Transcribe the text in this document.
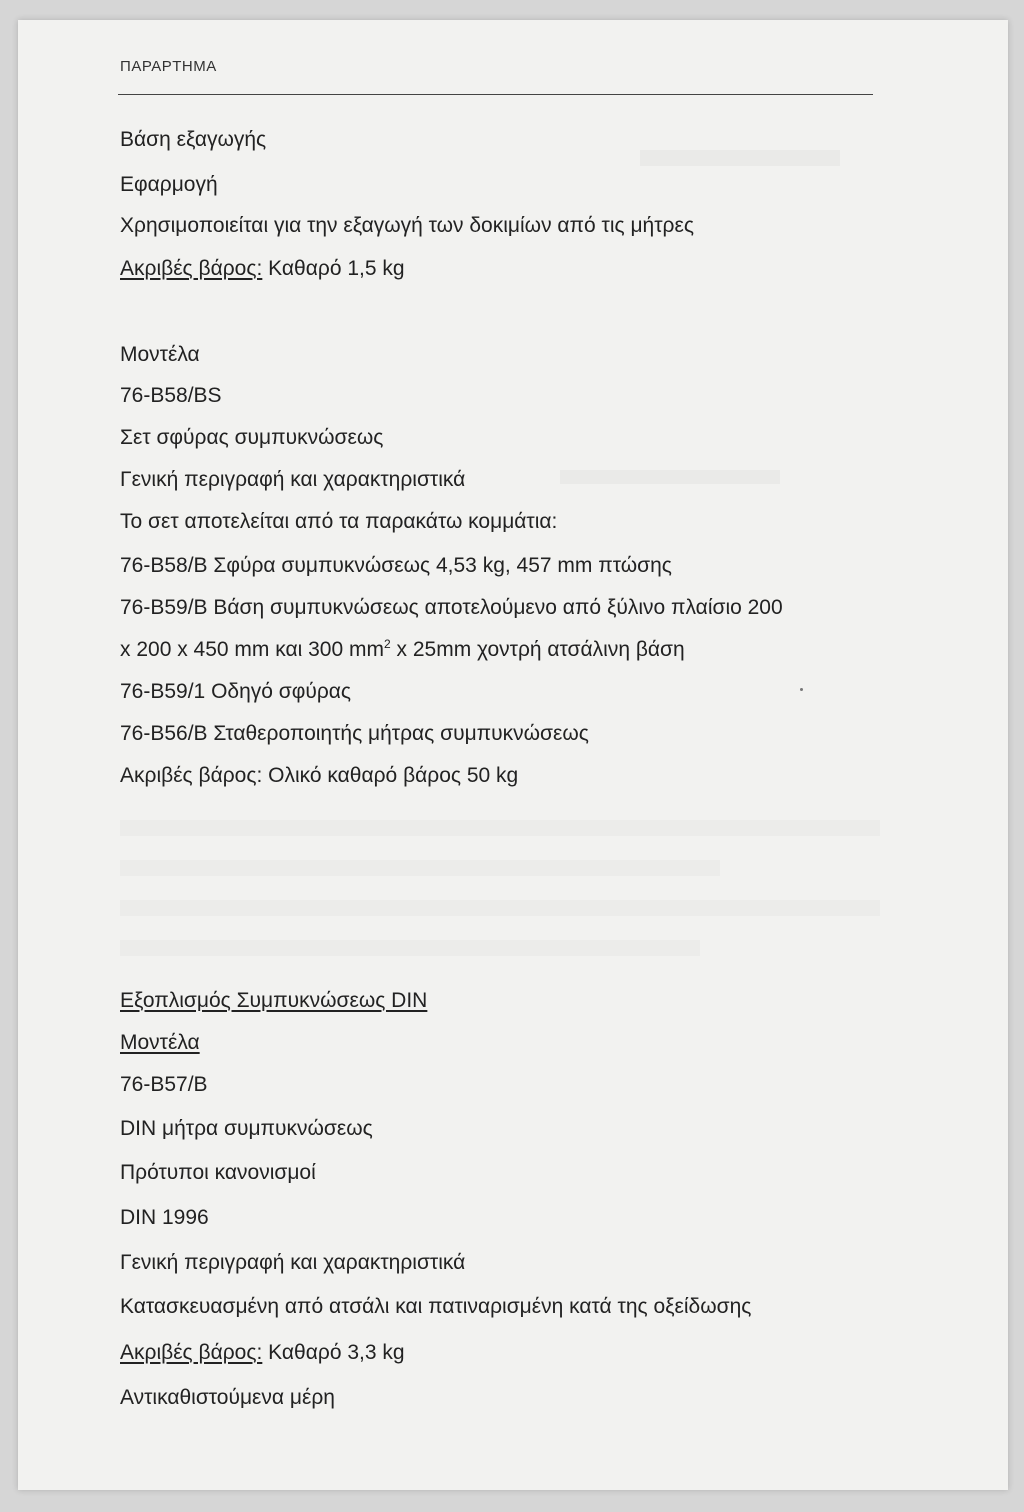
ΠΑΡΑΡΤΗΜΑ
Βάση εξαγωγής
Εφαρμογή
Χρησιμοποιείται για την εξαγωγή των δοκιμίων από τις μήτρες
Ακριβές βάρος: Καθαρό 1,5 kg
Μοντέλα
76-B58/BS
Σετ σφύρας συμπυκνώσεως
Γενική περιγραφή και χαρακτηριστικά
Το σετ αποτελείται από τα παρακάτω κομμάτια:
76-B58/B Σφύρα συμπυκνώσεως 4,53 kg, 457 mm πτώσης
76-B59/B Βάση συμπυκνώσεως αποτελούμενο από ξύλινο πλαίσιο 200
x 200 x 450 mm και 300 $mm^2$ x 25mm χοντρή ατσάλινη βάση
76-B59/1 Οδηγό σφύρας
76-B56/B Σταθεροποιητής μήτρας συμπυκνώσεως
Ακριβές βάρος: Ολικό καθαρό βάρος 50 kg
Εξοπλισμός Συμπυκνώσεως DIN
Μοντέλα
76-B57/B
DIN μήτρα συμπυκνώσεως
Πρότυποι κανονισμοί
DIN 1996
Γενική περιγραφή και χαρακτηριστικά
Κατασκευασμένη από ατσάλι και πατιναρισμένη κατά της οξείδωσης
Ακριβές βάρος: Καθαρό 3,3 kg
Αντικαθιστούμενα μέρη
